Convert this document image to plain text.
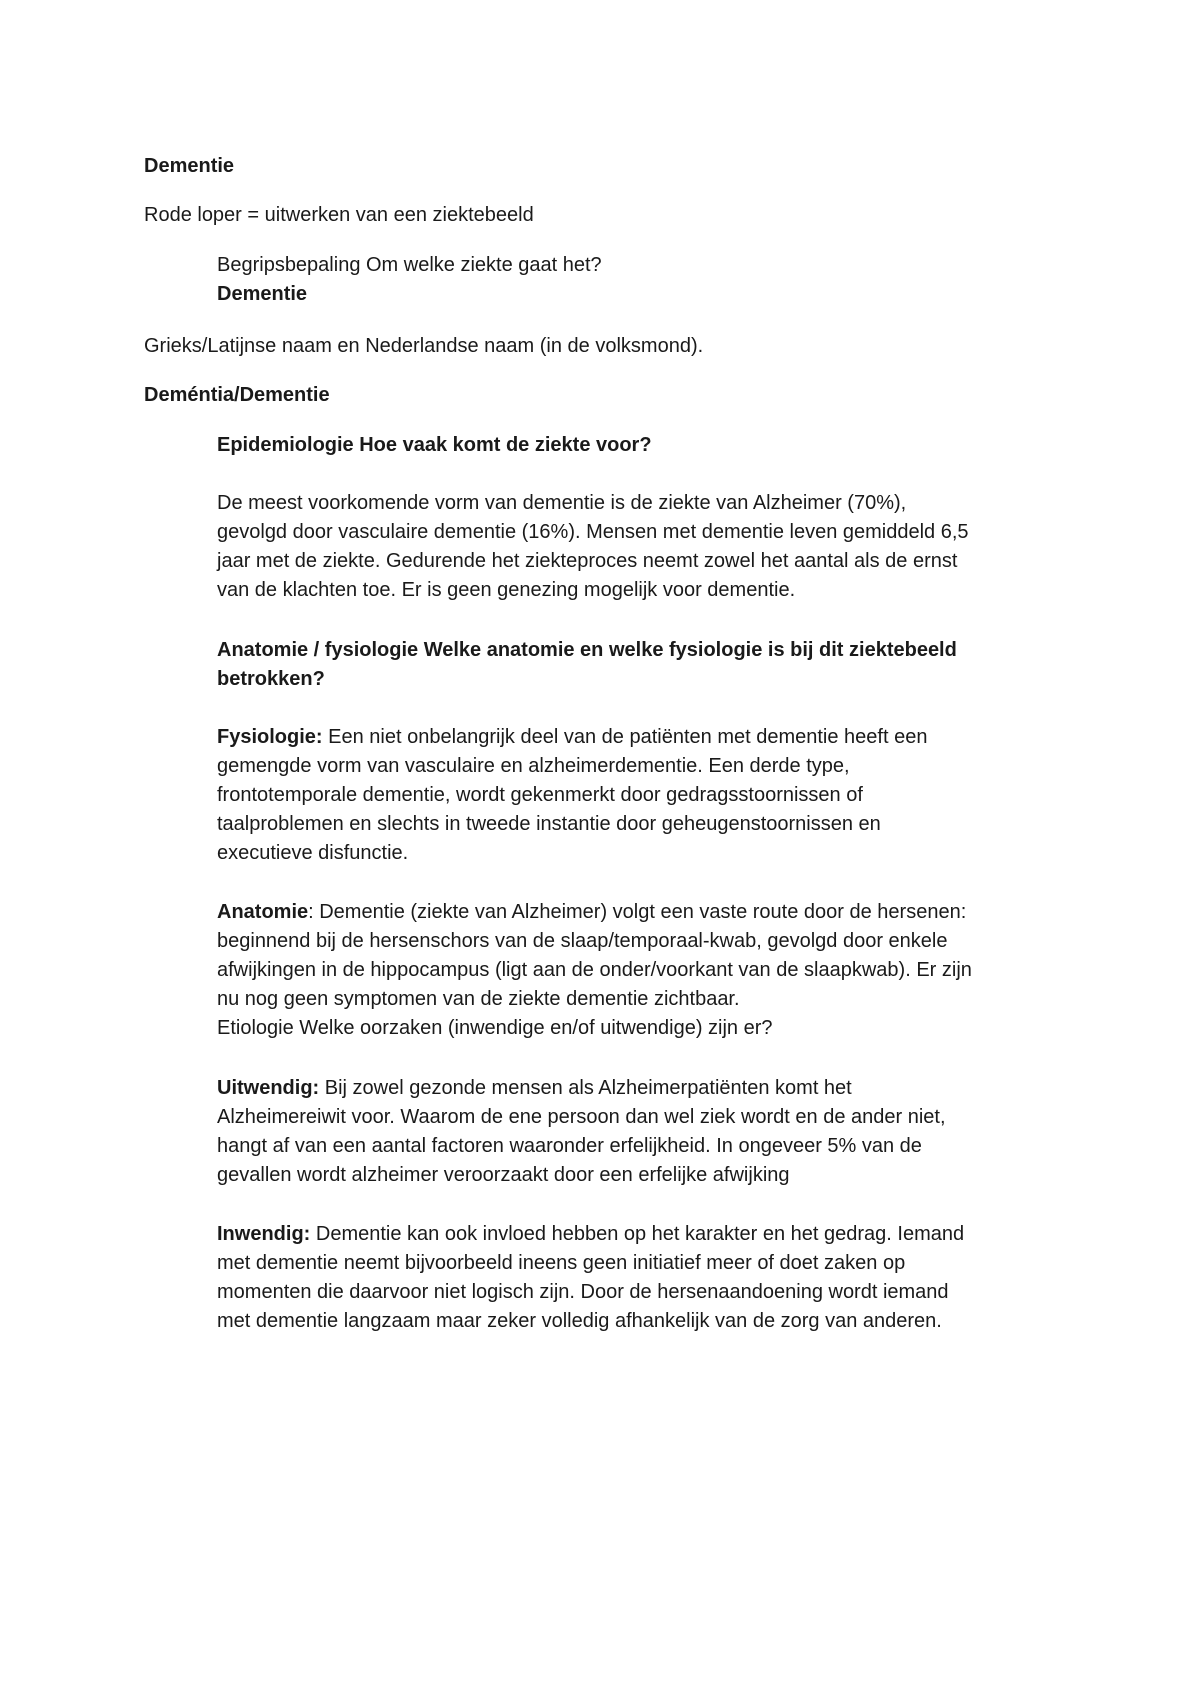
Dementie
Rode loper = uitwerken van een ziektebeeld
Begripsbepaling Om welke ziekte gaat het?
Dementie
Grieks/Latijnse naam en Nederlandse naam (in de volksmond).
Deméntia/Dementie
Epidemiologie Hoe vaak komt de ziekte voor?
De meest voorkomende vorm van dementie is de ziekte van Alzheimer (70%),
gevolgd door vasculaire dementie (16%). Mensen met dementie leven gemiddeld 6,5
jaar met de ziekte. Gedurende het ziekteproces neemt zowel het aantal als de ernst
van de klachten toe. Er is geen genezing mogelijk voor dementie.
Anatomie / fysiologie Welke anatomie en welke fysiologie is bij dit ziektebeeld
betrokken?
Fysiologie: Een niet onbelangrijk deel van de patiënten met dementie heeft een
gemengde vorm van vasculaire en alzheimerdementie. Een derde type,
frontotemporale dementie, wordt gekenmerkt door gedragsstoornissen of
taalproblemen en slechts in tweede instantie door geheugenstoornissen en
executieve disfunctie.
Anatomie: Dementie (ziekte van Alzheimer) volgt een vaste route door de hersenen:
beginnend bij de hersenschors van de slaap/temporaal-kwab, gevolgd door enkele
afwijkingen in de hippocampus (ligt aan de onder/voorkant van de slaapkwab). Er zijn
nu nog geen symptomen van de ziekte dementie zichtbaar.
Etiologie Welke oorzaken (inwendige en/of uitwendige) zijn er?
Uitwendig: Bij zowel gezonde mensen als Alzheimerpatiënten komt het
Alzheimereiwit voor. Waarom de ene persoon dan wel ziek wordt en de ander niet,
hangt af van een aantal factoren waaronder erfelijkheid. In ongeveer 5% van de
gevallen wordt alzheimer veroorzaakt door een erfelijke afwijking
Inwendig: Dementie kan ook invloed hebben op het karakter en het gedrag. Iemand
met dementie neemt bijvoorbeeld ineens geen initiatief meer of doet zaken op
momenten die daarvoor niet logisch zijn. Door de hersenaandoening wordt iemand
met dementie langzaam maar zeker volledig afhankelijk van de zorg van anderen.
